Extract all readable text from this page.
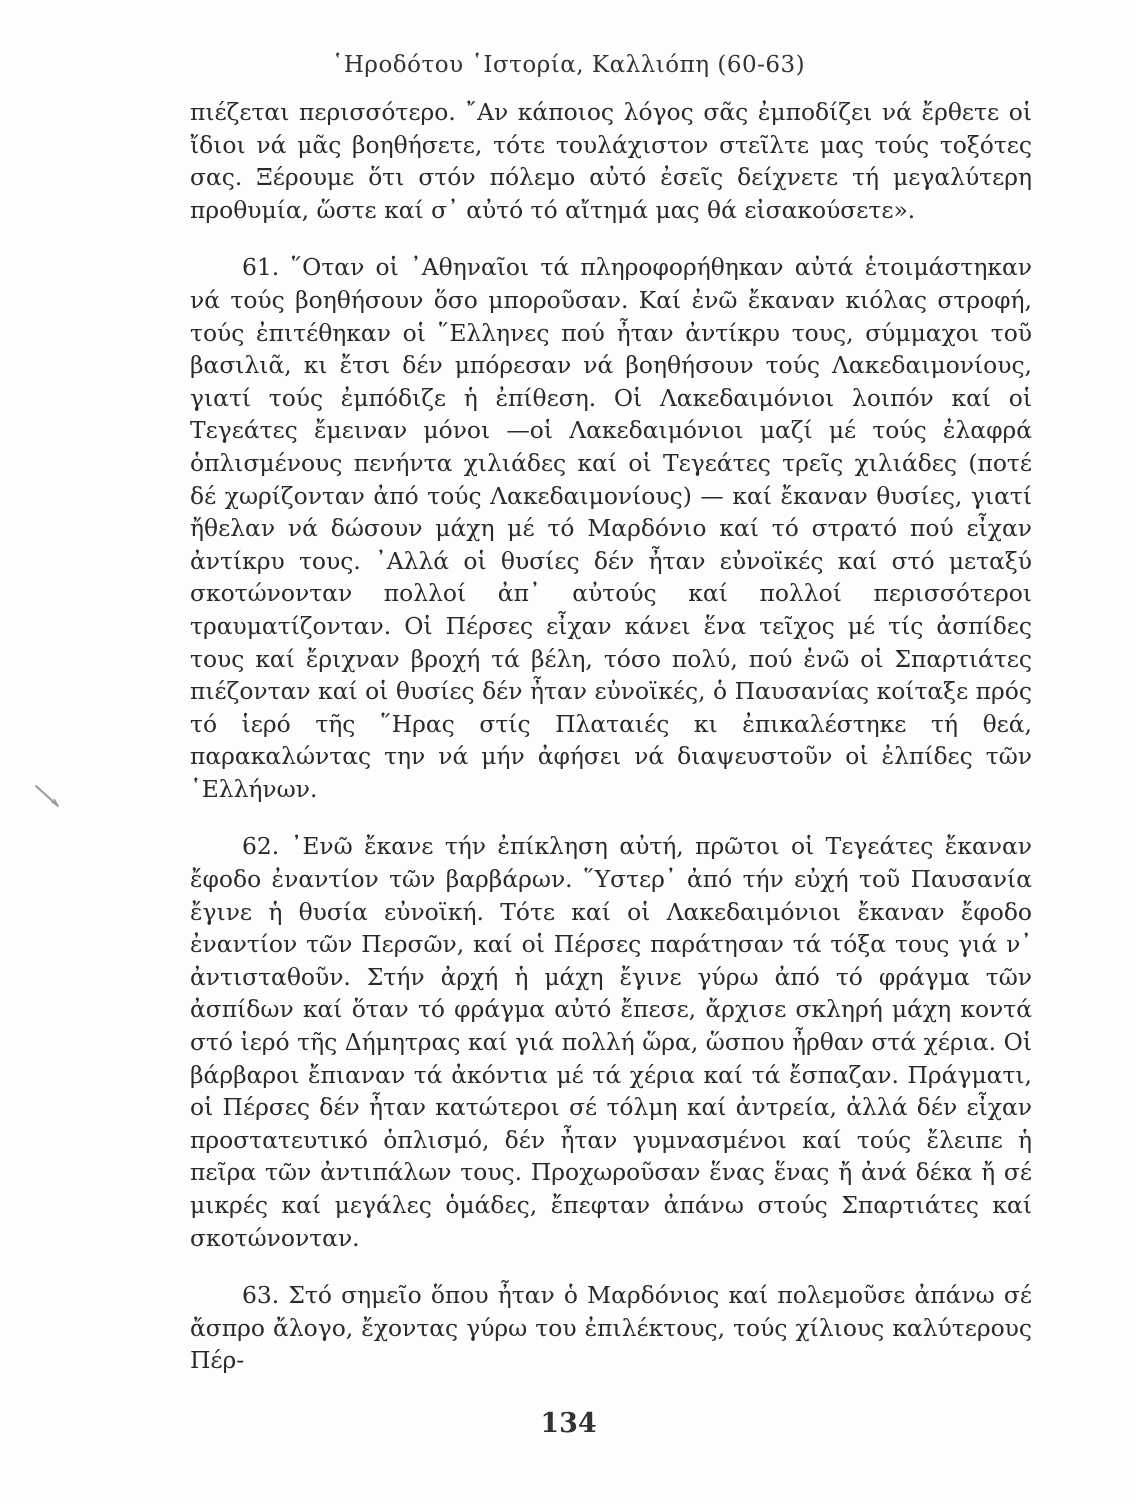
῾Ηροδότου ῾Ιστορία, Καλλιόπη (60-63)

πιέζεται περισσότερο. ῎Αν κάποιος λόγος σᾶς ἐμποδίζει νά ἔρθετε οἱ ἴδιοι νά μᾶς βοηθήσετε, τότε τουλάχιστον στεῖλτε μας τούς τοξότες σας. Ξέρουμε ὅτι στόν πόλεμο αὐτό ἐσεῖς δείχνετε τή μεγαλύτερη προθυμία, ὥστε καί σ᾽ αὐτό τό αἴτημά μας θά εἰσακούσετε».

61. ῞Οταν οἱ ᾽Αθηναῖοι τά πληροφορήθηκαν αὐτά ἑτοιμάστηκαν νά τούς βοηθήσουν ὅσο μποροῦσαν. Καί ἐνῶ ἔκαναν κιόλας στροφή, τούς ἐπιτέθηκαν οἱ ῞Ελληνες πού ἦταν ἀντίκρυ τους, σύμμαχοι τοῦ βασιλιᾶ, κι ἔτσι δέν μπόρεσαν νά βοηθήσουν τούς Λακεδαιμονίους, γιατί τούς ἐμπόδιζε ἡ ἐπίθεση. Οἱ Λακεδαιμόνιοι λοιπόν καί οἱ Τεγεάτες ἔμειναν μόνοι —οἱ Λακεδαιμόνιοι μαζί μέ τούς ἐλαφρά ὁπλισμένους πενήντα χιλιάδες καί οἱ Τεγεάτες τρεῖς χιλιάδες (ποτέ δέ χωρίζονταν ἀπό τούς Λακεδαιμονίους) — καί ἔκαναν θυσίες, γιατί ἤθελαν νά δώσουν μάχη μέ τό Μαρδόνιο καί τό στρατό πού εἶχαν ἀντίκρυ τους. ᾽Αλλά οἱ θυσίες δέν ἦταν εὐνοϊκές καί στό μεταξύ σκοτώνονταν πολλοί ἀπ᾽ αὐτούς καί πολλοί περισσότεροι τραυματίζονταν. Οἱ Πέρσες εἶχαν κάνει ἕνα τεῖχος μέ τίς ἀσπίδες τους καί ἔριχναν βροχή τά βέλη, τόσο πολύ, πού ἐνῶ οἱ Σπαρτιάτες πιέζονταν καί οἱ θυσίες δέν ἦταν εὐνοϊκές, ὁ Παυσανίας κοίταξε πρός τό ἱερό τῆς ῞Ηρας στίς Πλαταιές κι ἐπικαλέστηκε τή θεά, παρακαλώντας την νά μήν ἀφήσει νά διαψευστοῦν οἱ ἐλπίδες τῶν ῾Ελλήνων.

62. ᾽Ενῶ ἔκανε τήν ἐπίκληση αὐτή, πρῶτοι οἱ Τεγεάτες ἔκαναν ἔφοδο ἐναντίον τῶν βαρβάρων. ῞Υστερ᾽ ἀπό τήν εὐχή τοῦ Παυσανία ἔγινε ἡ θυσία εὐνοϊκή. Τότε καί οἱ Λακεδαιμόνιοι ἔκαναν ἔφοδο ἐναντίον τῶν Περσῶν, καί οἱ Πέρσες παράτησαν τά τόξα τους γιά ν᾽ ἀντισταθοῦν. Στήν ἀρχή ἡ μάχη ἔγινε γύρω ἀπό τό φράγμα τῶν ἀσπίδων καί ὅταν τό φράγμα αὐτό ἔπεσε, ἄρχισε σκληρή μάχη κοντά στό ἱερό τῆς Δήμητρας καί γιά πολλή ὥρα, ὥσπου ἦρθαν στά χέρια. Οἱ βάρβαροι ἔπιαναν τά ἀκόντια μέ τά χέρια καί τά ἔσπαζαν. Πράγματι, οἱ Πέρσες δέν ἦταν κατώτεροι σέ τόλμη καί ἀντρεία, ἀλλά δέν εἶχαν προστατευτικό ὁπλισμό, δέν ἦταν γυμνασμένοι καί τούς ἔλειπε ἡ πεῖρα τῶν ἀντιπάλων τους. Προχωροῦσαν ἕνας ἕνας ἤ ἀνά δέκα ἤ σέ μικρές καί μεγάλες ὁμάδες, ἔπεφταν ἀπάνω στούς Σπαρτιάτες καί σκοτώνονταν.

63. Στό σημεῖο ὅπου ἦταν ὁ Μαρδόνιος καί πολεμοῦσε ἀπάνω σέ ἄσπρο ἄλογο, ἔχοντας γύρω του ἐπιλέκτους, τούς χίλιους καλύτερους Πέρ-

134
